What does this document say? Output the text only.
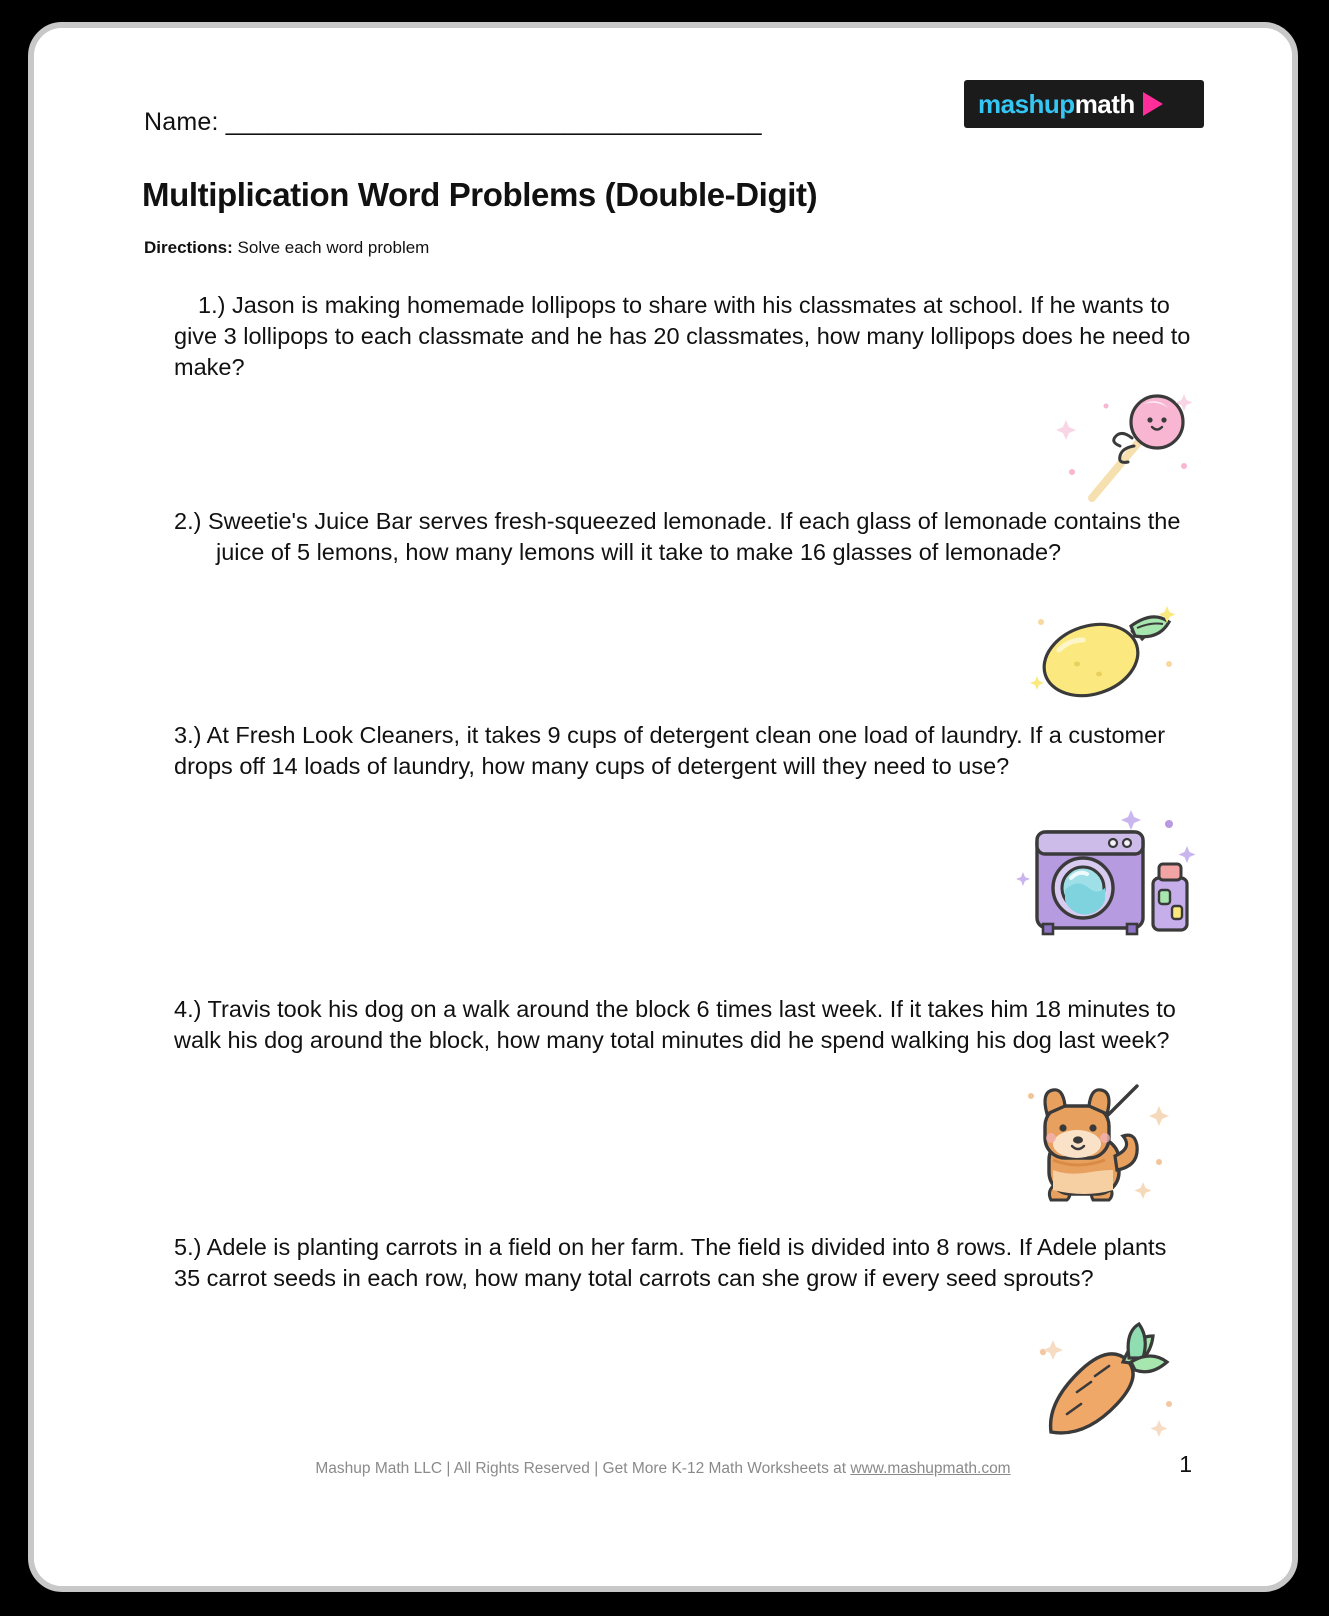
Name: ______________________________________
mashupmath
Multiplication Word Problems (Double-Digit)
Directions: Solve each word problem
1.) Jason is making homemade lollipops to share with his classmates at school. If he wants to give 3 lollipops to each classmate and he has 20 classmates, how many lollipops does he need to make?
2.) Sweetie's Juice Bar serves fresh-squeezed lemonade. If each glass of lemonade contains the juice of 5 lemons, how many lemons will it take to make 16 glasses of lemonade?
3.) At Fresh Look Cleaners, it takes 9 cups of detergent clean one load of laundry. If a customer drops off 14 loads of laundry, how many cups of detergent will they need to use?
4.) Travis took his dog on a walk around the block 6 times last week. If it takes him 18 minutes to walk his dog around the block, how many total minutes did he spend walking his dog last week?
5.) Adele is planting carrots in a field on her farm. The field is divided into 8 rows. If Adele plants 35 carrot seeds in each row, how many total carrots can she grow if every seed sprouts?
Mashup Math LLC | All Rights Reserved | Get More K-12 Math Worksheets at www.mashupmath.com	1
